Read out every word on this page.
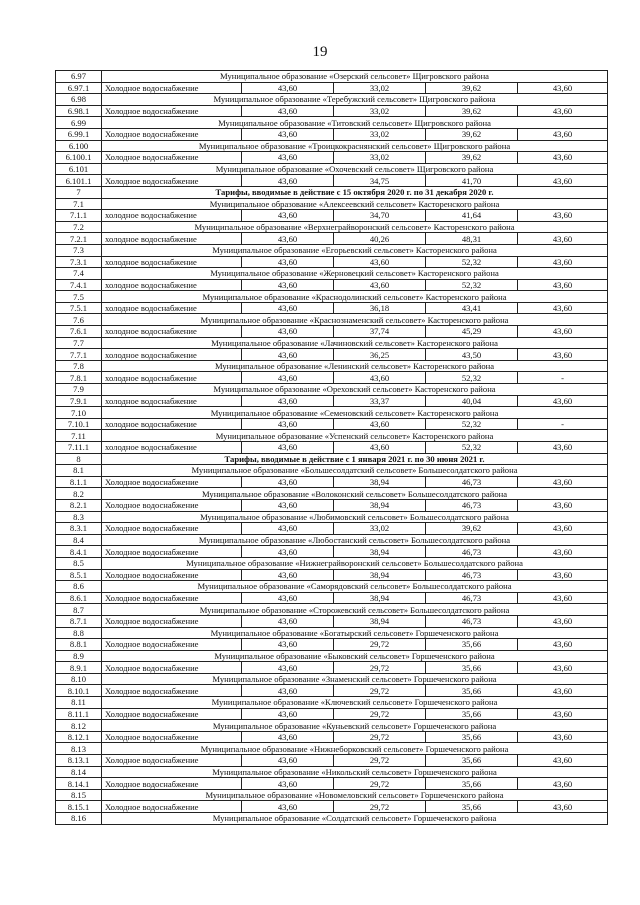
19
6.97	Муниципальное образование «Озерский сельсовет» Щигровского района				
6.97.1	Холодное водоснабжение	43,60	33,02	39,62	43,60
6.98	Муниципальное образование «Теребужский сельсовет» Щигровского района				
6.98.1	Холодное водоснабжение	43,60	33,02	39,62	43,60
6.99	Муниципальное образование «Титовский сельсовет» Щигровского района				
6.99.1	Холодное водоснабжение	43,60	33,02	39,62	43,60
6.100	Муниципальное образование «Троицкокраснянский сельсовет» Щигровского района				
6.100.1	Холодное водоснабжение	43,60	33,02	39,62	43,60
6.101	Муниципальное образование «Охочевский сельсовет» Щигровского района				
6.101.1	Холодное водоснабжение	43,60	34,75	41,70	43,60
7	Тарифы, вводимые в действие с 15 октября 2020 г. по 31 декабря 2020 г.				
7.1	Муниципальное образование «Алексеевский сельсовет» Касторенского района				
7.1.1	холодное водоснабжение	43,60	34,70	41,64	43,60
7.2	Муниципальное образование «Верхнеграйворонский сельсовет» Касторенского района				
7.2.1	холодное водоснабжение	43,60	40,26	48,31	43,60
7.3	Муниципальное образование «Егорьевский сельсовет» Касторенского района				
7.3.1	холодное водоснабжение	43,60	43,60	52,32	43,60
7.4	Муниципальное образование «Жерновецкий сельсовет» Касторенского района				
7.4.1	холодное водоснабжение	43,60	43,60	52,32	43,60
7.5	Муниципальное образование «Краснодолинский сельсовет» Касторенского района				
7.5.1	холодное водоснабжение	43,60	36,18	43,41	43,60
7.6	Муниципальное образование «Краснознаменский сельсовет» Касторенского района				
7.6.1	холодное водоснабжение	43,60	37,74	45,29	43,60
7.7	Муниципальное образование «Лачиновский сельсовет» Касторенского района				
7.7.1	холодное водоснабжение	43,60	36,25	43,50	43,60
7.8	Муниципальное образование «Ленинский сельсовет» Касторенского района				
7.8.1	холодное водоснабжение	43,60	43,60	52,32	-
7.9	Муниципальное образование «Ореховский сельсовет» Касторенского района				
7.9.1	холодное водоснабжение	43,60	33,37	40,04	43,60
7.10	Муниципальное образование «Семеновский сельсовет» Касторенского района				
7.10.1	холодное водоснабжение	43,60	43,60	52,32	-
7.11	Муниципальное образование «Успенский сельсовет» Касторенского района				
7.11.1	холодное водоснабжение	43,60	43,60	52,32	43,60
8	Тарифы, вводимые в действие с 1 января 2021 г. по 30 июня 2021 г.				
8.1	Муниципальное образование «Большесолдатский сельсовет» Большесолдатского района				
8.1.1	Холодное водоснабжение	43,60	38,94	46,73	43,60
8.2	Муниципальное образование «Волоконский сельсовет» Большесолдатского района				
8.2.1	Холодное водоснабжение	43,60	38,94	46,73	43,60
8.3	Муниципальное образование «Любимовский сельсовет» Большесолдатского района				
8.3.1	Холодное водоснабжение	43,60	33,02	39,62	43,60
8.4	Муниципальное образование «Любостанский сельсовет» Большесолдатского района				
8.4.1	Холодное водоснабжение	43,60	38,94	46,73	43,60
8.5	Муниципальное образование «Нижнеграйворонский сельсовет» Большесолдатского района				
8.5.1	Холодное водоснабжение	43,60	38,94	46,73	43,60
8.6	Муниципальное образование «Саморядовский сельсовет» Большесолдатского района				
8.6.1	Холодное водоснабжение	43,60	38,94	46,73	43,60
8.7	Муниципальное образование «Сторожевский сельсовет» Большесолдатского района				
8.7.1	Холодное водоснабжение	43,60	38,94	46,73	43,60
8.8	Муниципальное образование «Богатырский сельсовет» Горшеченского района				
8.8.1	Холодное водоснабжение	43,60	29,72	35,66	43,60
8.9	Муниципальное образование «Быковский сельсовет» Горшеченского района				
8.9.1	Холодное водоснабжение	43,60	29,72	35,66	43,60
8.10	Муниципальное образование «Знаменский сельсовет» Горшеченского района				
8.10.1	Холодное водоснабжение	43,60	29,72	35,66	43,60
8.11	Муниципальное образование «Ключевский сельсовет» Горшеченского района				
8.11.1	Холодное водоснабжение	43,60	29,72	35,66	43,60
8.12	Муниципальное образование «Куньевский сельсовет» Горшеченского района				
8.12.1	Холодное водоснабжение	43,60	29,72	35,66	43,60
8.13	Муниципальное образование «Нижнеборковский сельсовет» Горшеченского района				
8.13.1	Холодное водоснабжение	43,60	29,72	35,66	43,60
8.14	Муниципальное образование «Никольский сельсовет» Горшеченского района				
8.14.1	Холодное водоснабжение	43,60	29,72	35,66	43,60
8.15	Муниципальное образование «Новомеловский сельсовет» Горшеченского района				
8.15.1	Холодное водоснабжение	43,60	29,72	35,66	43,60
8.16	Муниципальное образование «Солдатский сельсовет» Горшеченского района				
